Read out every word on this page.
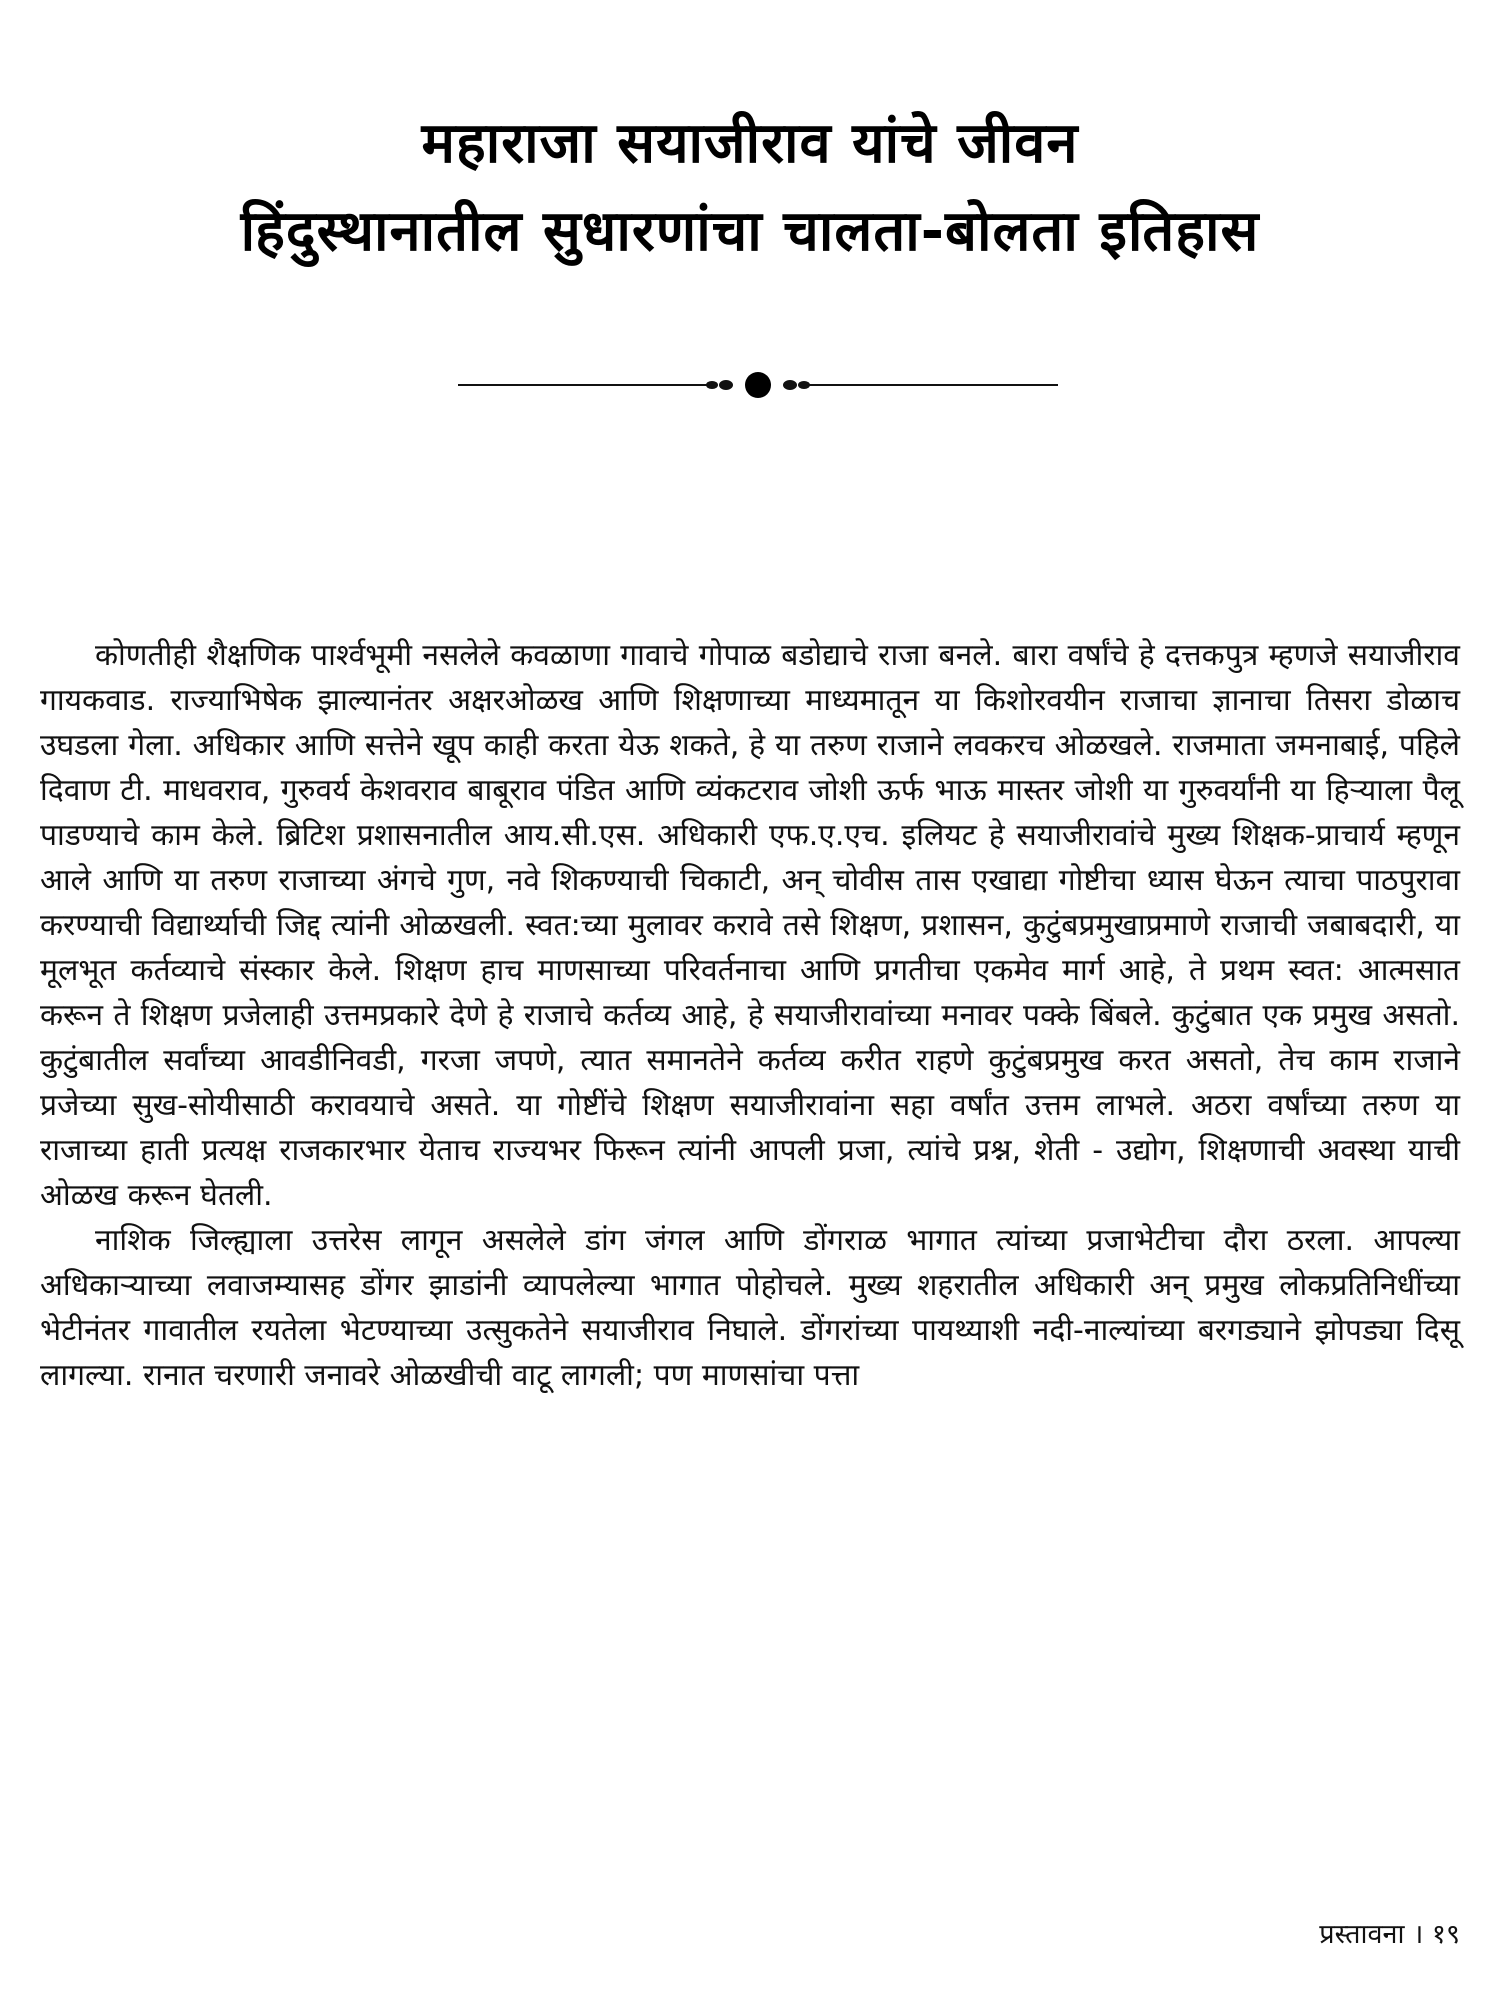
महाराजा सयाजीराव यांचे जीवन
हिंदुस्थानातील सुधारणांचा चालता-बोलता इतिहास

कोणतीही शैक्षणिक पार्श्वभूमी नसलेले कवळाणा गावाचे गोपाळ बडोद्याचे राजा बनले. बारा वर्षांचे हे दत्तकपुत्र म्हणजे सयाजीराव गायकवाड. राज्याभिषेक झाल्यानंतर अक्षरओळख आणि शिक्षणाच्या माध्यमातून या किशोरवयीन राजाचा ज्ञानाचा तिसरा डोळाच उघडला गेला. अधिकार आणि सत्तेने खूप काही करता येऊ शकते, हे या तरुण राजाने लवकरच ओळखले. राजमाता जमनाबाई, पहिले दिवाण टी. माधवराव, गुरुवर्य केशवराव बाबूराव पंडित आणि व्यंकटराव जोशी ऊर्फ भाऊ मास्तर जोशी या गुरुवर्यांनी या हिऱ्याला पैलू पाडण्याचे काम केले. ब्रिटिश प्रशासनातील आय.सी.एस. अधिकारी एफ.ए.एच. इलियट हे सयाजीरावांचे मुख्य शिक्षक-प्राचार्य म्हणून आले आणि या तरुण राजाच्या अंगचे गुण, नवे शिकण्याची चिकाटी, अन् चोवीस तास एखाद्या गोष्टीचा ध्यास घेऊन त्याचा पाठपुरावा करण्याची विद्यार्थ्याची जिद्द त्यांनी ओळखली. स्वत:च्या मुलावर करावे तसे शिक्षण, प्रशासन, कुटुंबप्रमुखाप्रमाणे राजाची जबाबदारी, या मूलभूत कर्तव्याचे संस्कार केले. शिक्षण हाच माणसाच्या परिवर्तनाचा आणि प्रगतीचा एकमेव मार्ग आहे, ते प्रथम स्वत: आत्मसात करून ते शिक्षण प्रजेलाही उत्तमप्रकारे देणे हे राजाचे कर्तव्य आहे, हे सयाजीरावांच्या मनावर पक्के बिंबले. कुटुंबात एक प्रमुख असतो. कुटुंबातील सर्वांच्या आवडीनिवडी, गरजा जपणे, त्यात समानतेने कर्तव्य करीत राहणे कुटुंबप्रमुख करत असतो, तेच काम राजाने प्रजेच्या सुख-सोयीसाठी करावयाचे असते. या गोष्टींचे शिक्षण सयाजीरावांना सहा वर्षांत उत्तम लाभले. अठरा वर्षांच्या तरुण या राजाच्या हाती प्रत्यक्ष राजकारभार येताच राज्यभर फिरून त्यांनी आपली प्रजा, त्यांचे प्रश्न, शेती - उद्योग, शिक्षणाची अवस्था याची ओळख करून घेतली.

नाशिक जिल्ह्याला उत्तरेस लागून असलेले डांग जंगल आणि डोंगराळ भागात त्यांच्या प्रजाभेटीचा दौरा ठरला. आपल्या अधिकाऱ्याच्या लवाजम्यासह डोंगर झाडांनी व्यापलेल्या भागात पोहोचले. मुख्य शहरातील अधिकारी अन् प्रमुख लोकप्रतिनिधींच्या भेटीनंतर गावातील रयतेला भेटण्याच्या उत्सुकतेने सयाजीराव निघाले. डोंगरांच्या पायथ्याशी नदी-नाल्यांच्या बरगड्याने झोपड्या दिसू लागल्या. रानात चरणारी जनावरे ओळखीची वाटू लागली; पण माणसांचा पत्ता

प्रस्तावना । १९
